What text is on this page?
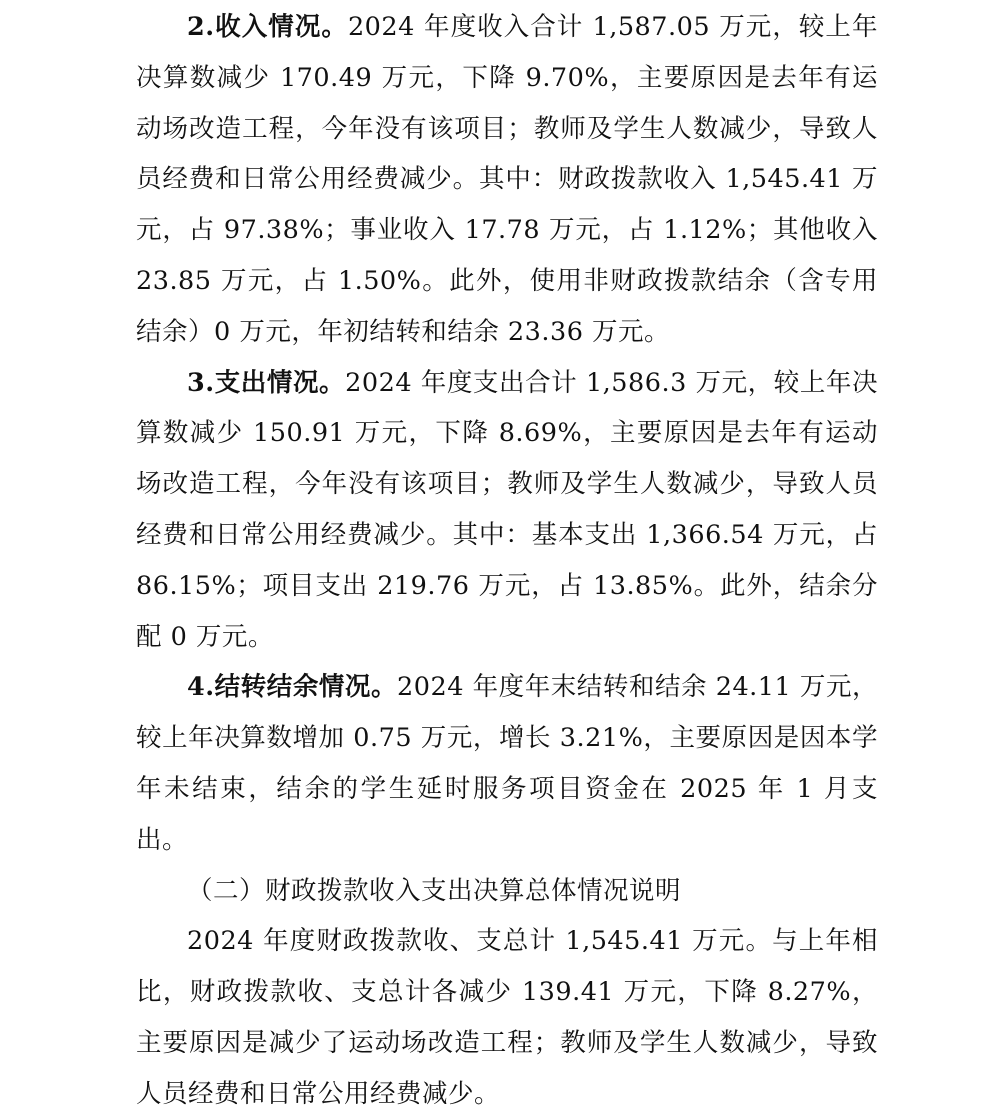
2.收入情况。2024 年度收入合计 1,587.05 万元，较上年决算数减少 170.49 万元，下降 9.70%，主要原因是去年有运动场改造工程，今年没有该项目；教师及学生人数减少，导致人员经费和日常公用经费减少。其中：财政拨款收入 1,545.41 万元，占 97.38%；事业收入 17.78 万元，占 1.12%；其他收入 23.85 万元，占 1.50%。此外，使用非财政拨款结余（含专用结余）0 万元，年初结转和结余 23.36 万元。

3.支出情况。2024 年度支出合计 1,586.3 万元，较上年决算数减少 150.91 万元，下降 8.69%，主要原因是去年有运动场改造工程，今年没有该项目；教师及学生人数减少，导致人员经费和日常公用经费减少。其中：基本支出 1,366.54 万元，占 86.15%；项目支出 219.76 万元，占 13.85%。此外，结余分配 0 万元。

4.结转结余情况。2024 年度年末结转和结余 24.11 万元，较上年决算数增加 0.75 万元，增长 3.21%，主要原因是因本学年未结束，结余的学生延时服务项目资金在 2025 年 1 月支出。

（二）财政拨款收入支出决算总体情况说明

2024 年度财政拨款收、支总计 1,545.41 万元。与上年相比，财政拨款收、支总计各减少 139.41 万元，下降 8.27%，主要原因是减少了运动场改造工程；教师及学生人数减少，导致人员经费和日常公用经费减少。
